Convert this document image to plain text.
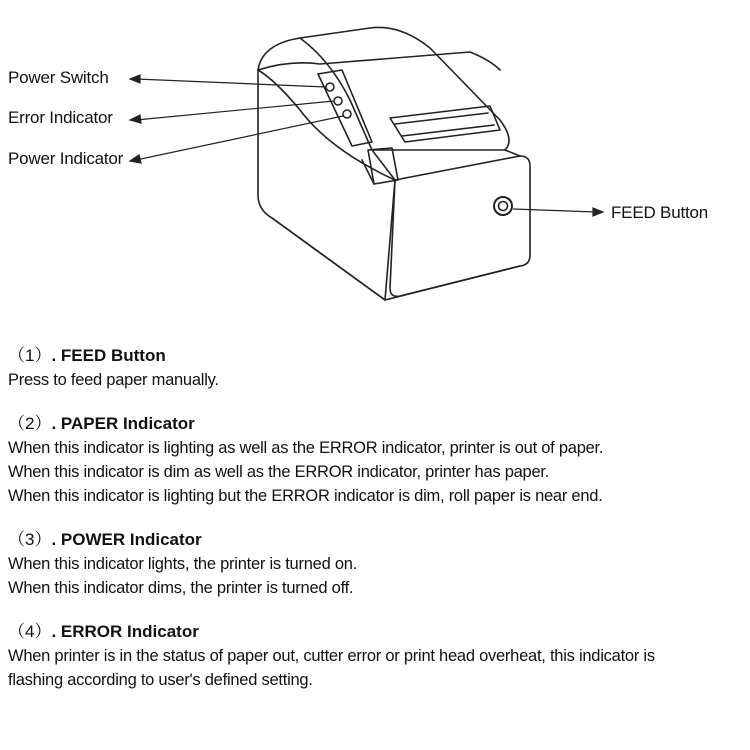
Power Switch
Error Indicator
Power Indicator
FEED Button
（1）. FEED Button
Press to feed paper manually.
（2）. PAPER Indicator
When this indicator is lighting as well as the ERROR indicator, printer is out of paper.
When this indicator is dim as well as the ERROR indicator, printer has paper.
When this indicator is lighting but the ERROR indicator is dim, roll paper is near end.
（3）. POWER Indicator
When this indicator lights, the printer is turned on.
When this indicator dims, the printer is turned off.
（4）. ERROR Indicator
When printer is in the status of paper out, cutter error or print head overheat, this indicator is
flashing according to user's defined setting.
